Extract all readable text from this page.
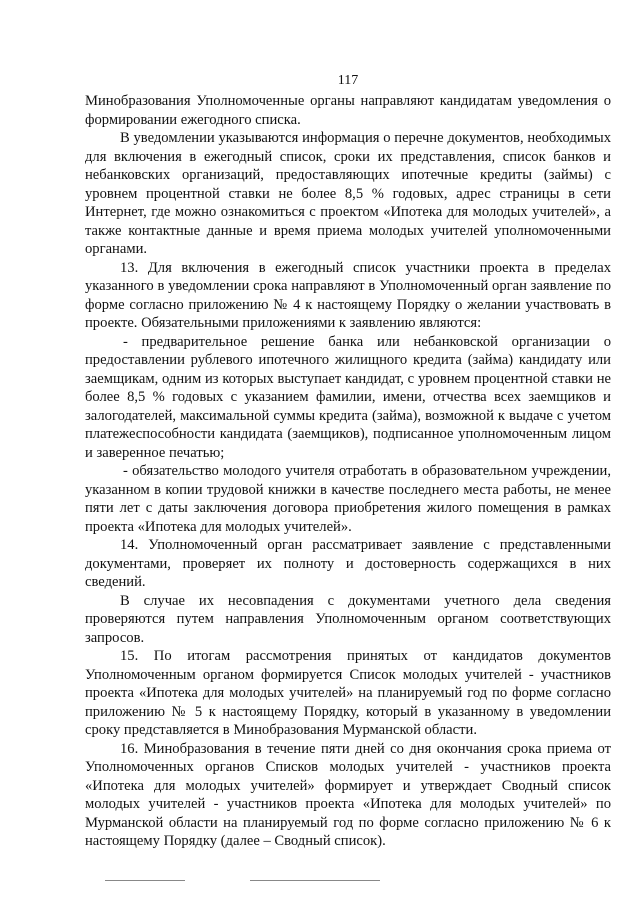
117

Минобразования Уполномоченные органы направляют кандидатам уведомления о формировании ежегодного списка.

В уведомлении указываются информация о перечне документов, необходимых для включения в ежегодный список, сроки их представления, список банков и небанковских организаций, предоставляющих ипотечные кредиты (займы) с уровнем процентной ставки не более 8,5 % годовых, адрес страницы в сети Интернет, где можно ознакомиться с проектом «Ипотека для молодых учителей», а также контактные данные и время приема молодых учителей уполномоченными органами.

13. Для включения в ежегодный список участники проекта в пределах указанного в уведомлении срока направляют в Уполномоченный орган заявление по форме согласно приложению № 4 к настоящему Порядку о желании участвовать в проекте. Обязательными приложениями к заявлению являются:

- предварительное решение банка или небанковской организации о предоставлении рублевого ипотечного жилищного кредита (займа) кандидату или заемщикам, одним из которых выступает кандидат, с уровнем процентной ставки не более 8,5 % годовых с указанием фамилии, имени, отчества всех заемщиков и залогодателей, максимальной суммы кредита (займа), возможной к выдаче с учетом платежеспособности кандидата (заемщиков), подписанное уполномоченным лицом и заверенное печатью;

- обязательство молодого учителя отработать в образовательном учреждении, указанном в копии трудовой книжки в качестве последнего места работы, не менее пяти лет с даты заключения договора приобретения жилого помещения в рамках проекта «Ипотека для молодых учителей».

14. Уполномоченный орган рассматривает заявление с представленными документами, проверяет их полноту и достоверность содержащихся в них сведений.

В случае их несовпадения с документами учетного дела сведения проверяются путем направления Уполномоченным органом соответствующих запросов.

15. По итогам рассмотрения принятых от кандидатов документов Уполномоченным органом формируется Список молодых учителей - участников проекта «Ипотека для молодых учителей» на планируемый год по форме согласно приложению № 5 к настоящему Порядку, который в указанному в уведомлении сроку представляется в Минобразования Мурманской области.

16. Минобразования в течение пяти дней со дня окончания срока приема от Уполномоченных органов Списков молодых учителей - участников проекта «Ипотека для молодых учителей» формирует и утверждает Сводный список молодых учителей - участников проекта «Ипотека для молодых учителей» по Мурманской области на планируемый год по форме согласно приложению № 6 к настоящему Порядку (далее – Сводный список).
